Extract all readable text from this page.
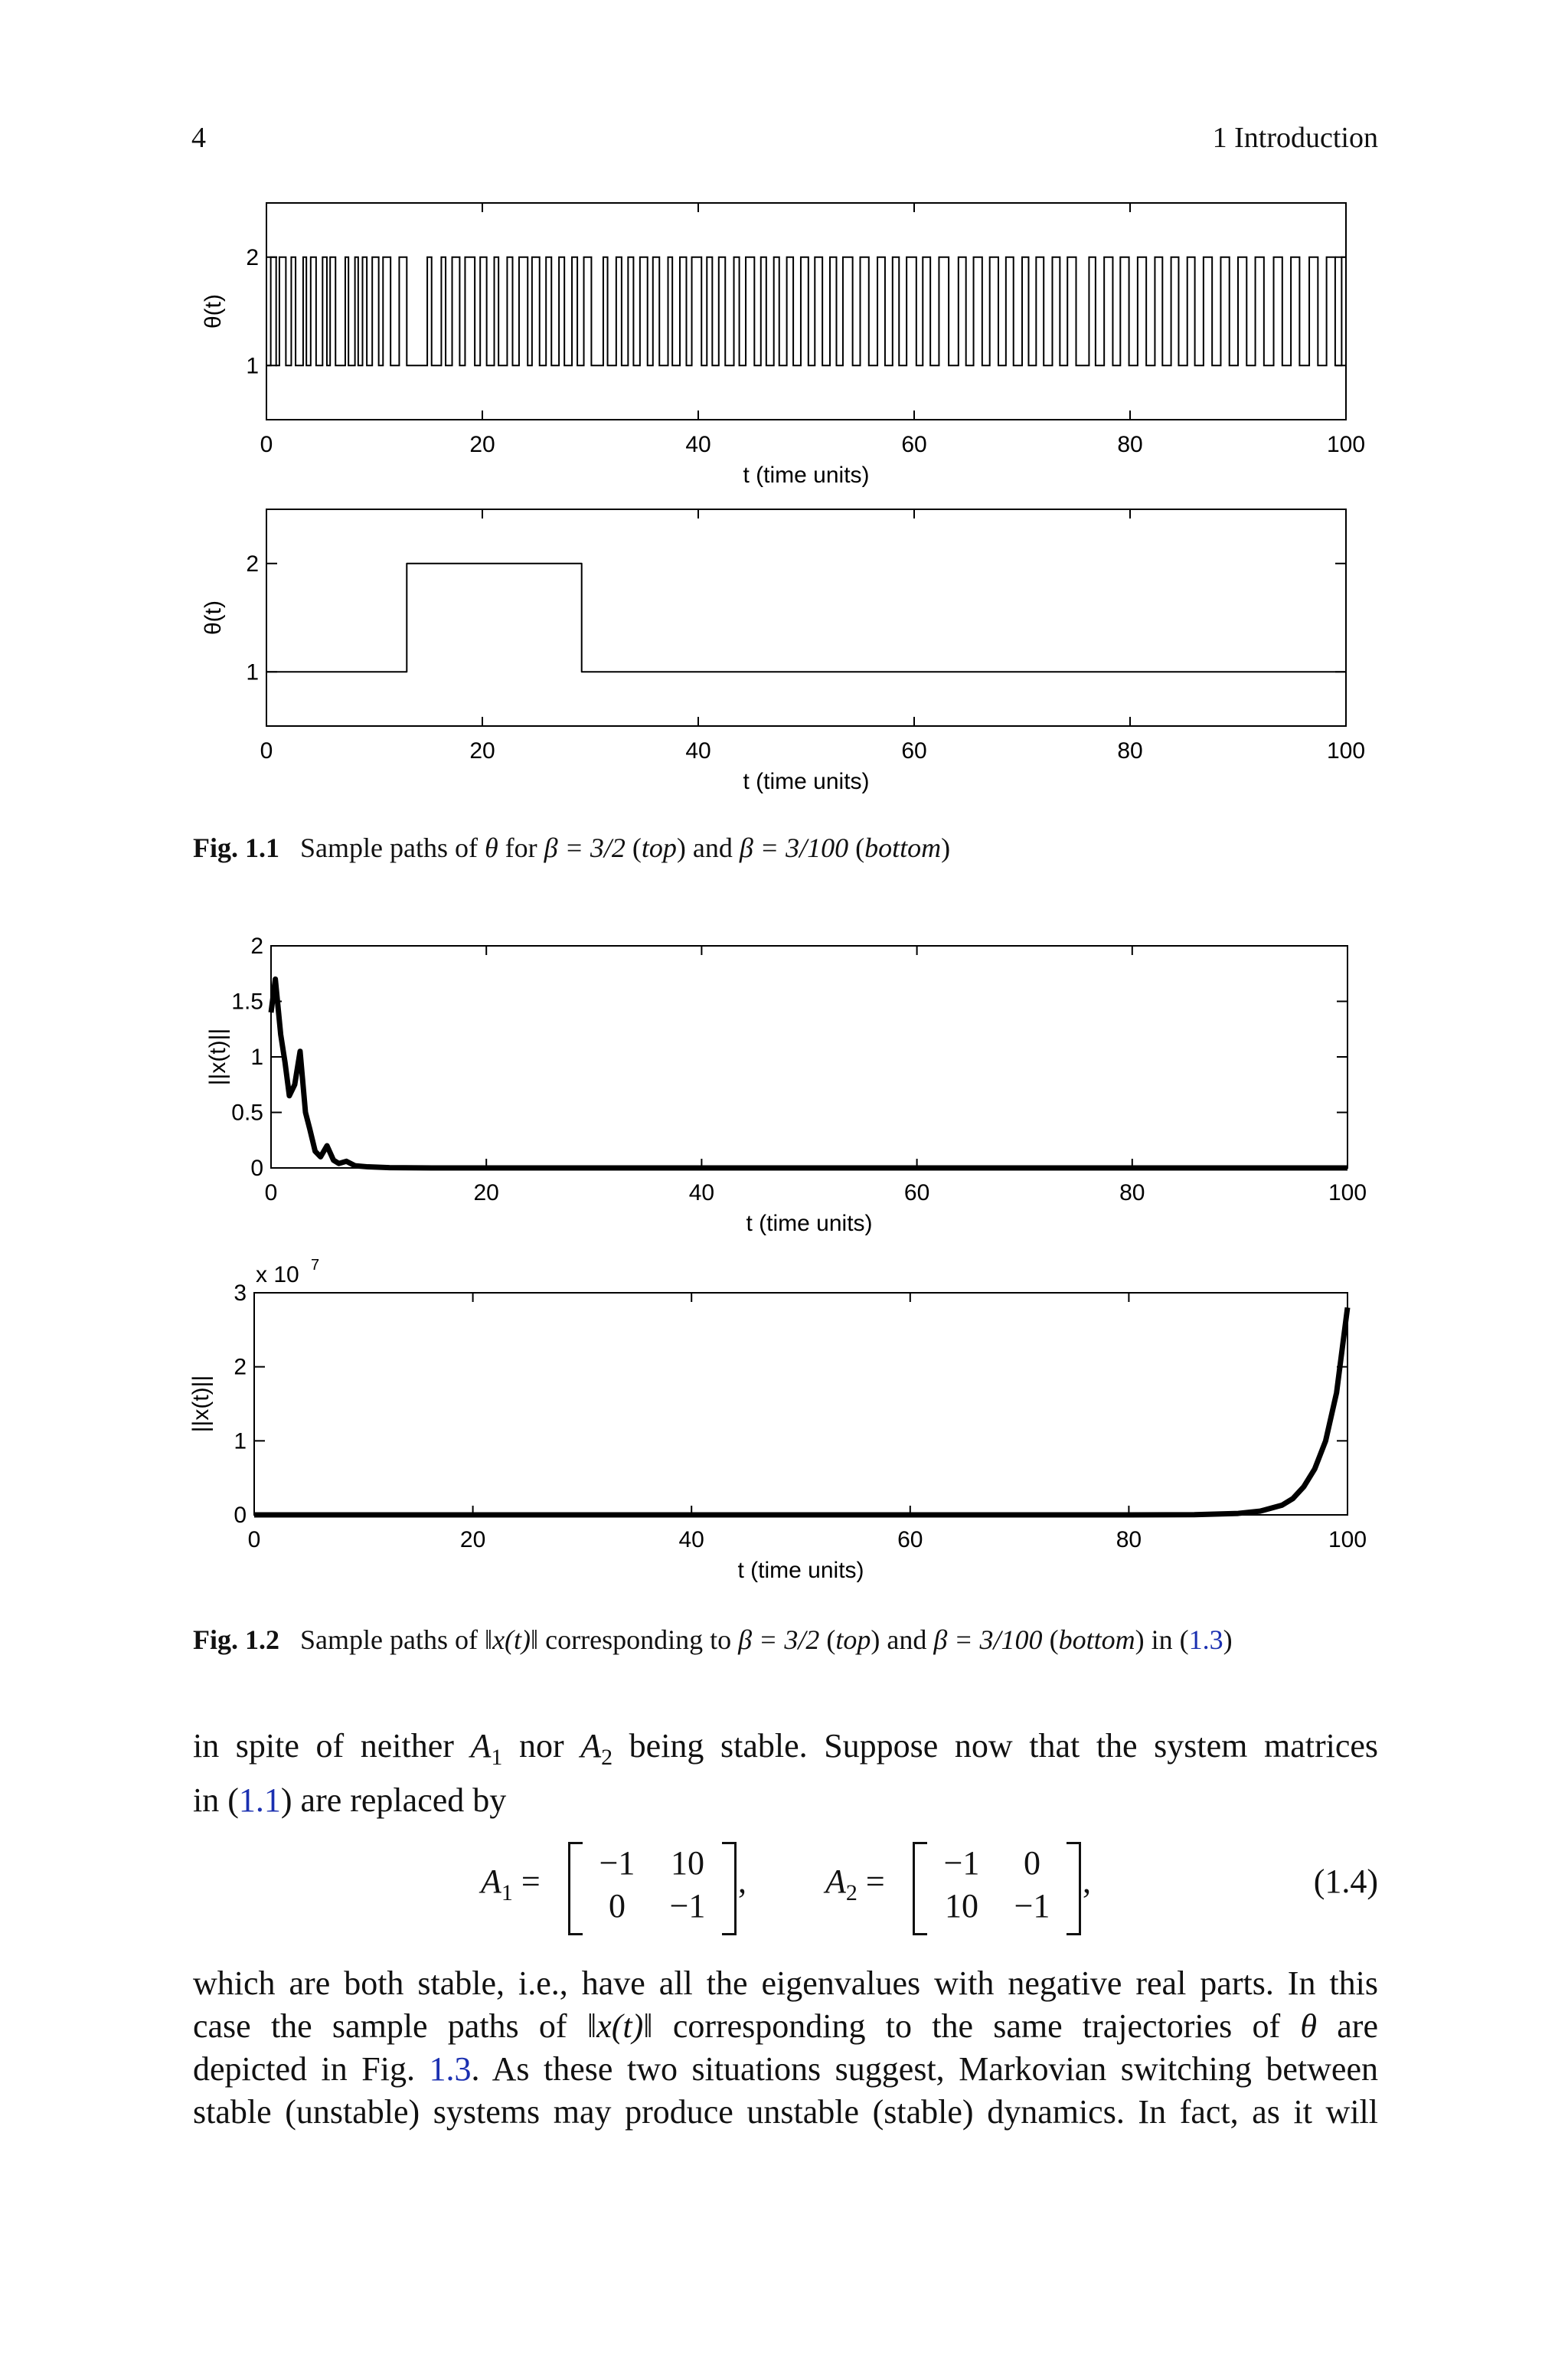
4	1 Introduction
0	20	40	60	80	100
1
2
t (time units)
θ(t)
0	20	40	60	80	100
1
2
t (time units)
θ(t)
Fig. 1.1 Sample paths of θ for β = 3/2 (top) and β = 3/100 (bottom)
0	20	40	60	80	100
0
0.5
1
1.5
2
t (time units)
||x(t)||
0	20	40	60	80	100
0
1
2
3
t (time units)
||x(t)||
x 10 7
Fig. 1.2 Sample paths of ‖x(t)‖ corresponding to β = 3/2 (top) and β = 3/100 (bottom) in (1.3)
in spite of neither $A_1$ nor $A_2$ being stable. Suppose now that the system matrices
in (1.1) are replaced by
$A_1$ =	−1	10
0	−1
, $A_2$ =	−1	0
10	−1
,	(1.4)
which are both stable, i.e., have all the eigenvalues with negative real parts. In this
case the sample paths of ‖x(t)‖ corresponding to the same trajectories of θ are
depicted in Fig. 1.3. As these two situations suggest, Markovian switching between
stable (unstable) systems may produce unstable (stable) dynamics. In fact, as it will
